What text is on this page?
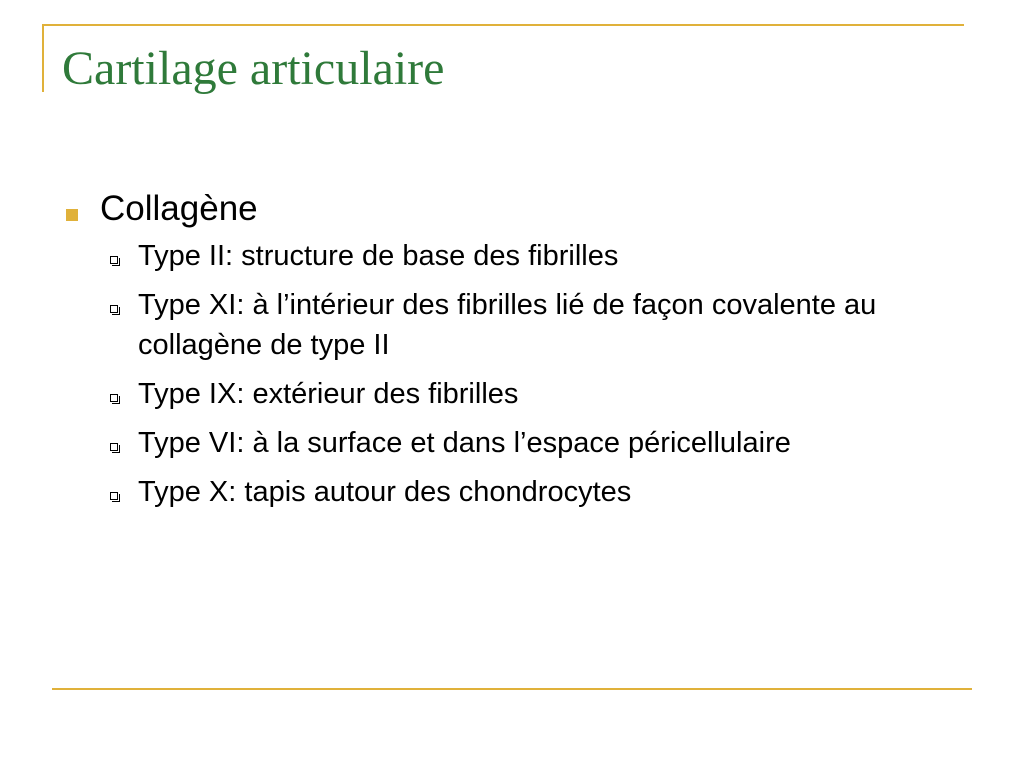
Cartilage articulaire
Collagène
Type II: structure de base des fibrilles
Type XI: à l’intérieur des fibrilles lié de façon covalente au collagène de type II
Type IX: extérieur des fibrilles
Type VI: à la surface et dans l’espace péricellulaire
Type X: tapis autour des chondrocytes
